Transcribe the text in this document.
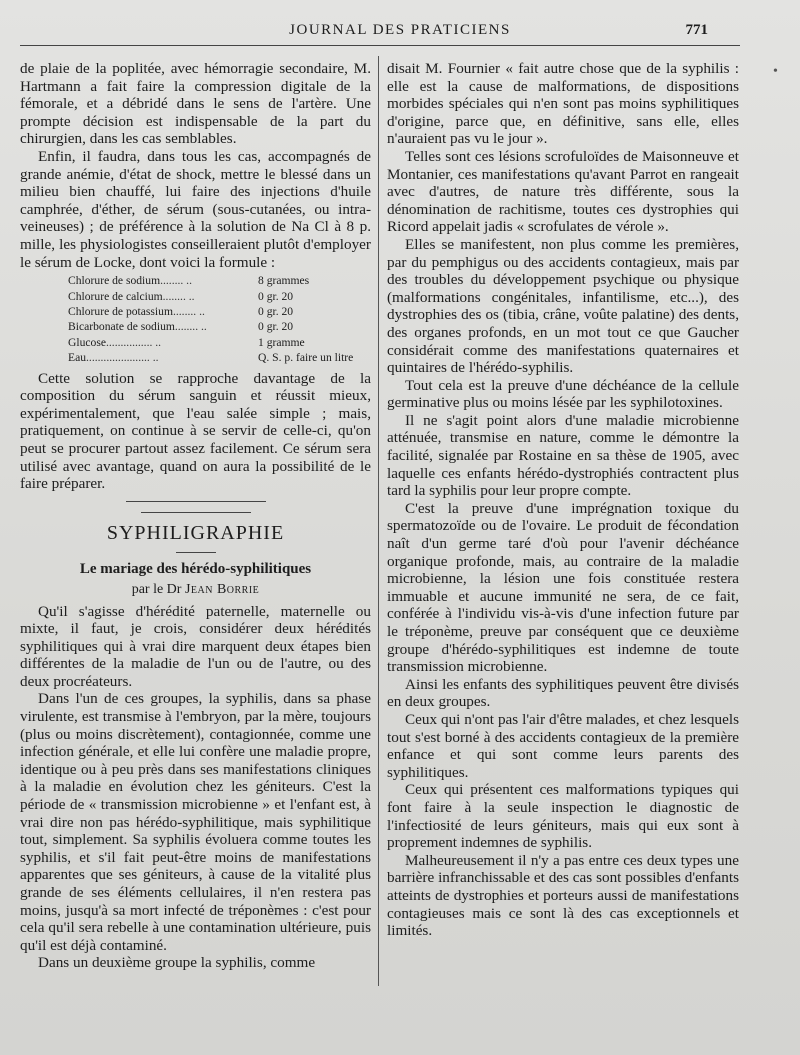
JOURNAL DES PRATICIENS	771

de plaie de la poplitée, avec hémorragie secondaire, M. Hartmann a fait faire la compression digitale de la fémorale, et a débridé dans le sens de l'artère. Une prompte décision est indispensable de la part du chirurgien, dans les cas semblables.

Enfin, il faudra, dans tous les cas, accompagnés de grande anémie, d'état de shock, mettre le blessé dans un milieu bien chauffé, lui faire des injections d'huile camphrée, d'éther, de sérum (sous-cutanées, ou intra-veineuses) ; de préférence à la solution de Na Cl à 8 p. mille, les physiologistes conseilleraient plutôt d'employer le sérum de Locke, dont voici la formule :

Chlorure de sodium........ ..	8 grammes
Chlorure de calcium........ ..	0 gr. 20
Chlorure de potassium........ ..	0 gr. 20
Bicarbonate de sodium........ ..	0 gr. 20
Glucose................ ..	1 gramme
Eau...................... ..	Q. S. p. faire un litre

Cette solution se rapproche davantage de la composition du sérum sanguin et réussit mieux, expérimentalement, que l'eau salée simple ; mais, pratiquement, on continue à se servir de celle-ci, qu'on peut se procurer partout assez facilement. Ce sérum sera utilisé avec avantage, quand on aura la possibilité de le faire préparer.

SYPHILIGRAPHIE
Le mariage des hérédo-syphilitiques
par le Dr Jean Borrie

Qu'il s'agisse d'hérédité paternelle, maternelle ou mixte, il faut, je crois, considérer deux hérédités syphilitiques qui à vrai dire marquent deux étapes bien différentes de la maladie de l'un ou de l'autre, ou des deux procréateurs.

Dans l'un de ces groupes, la syphilis, dans sa phase virulente, est transmise à l'embryon, par la mère, toujours (plus ou moins discrètement), contagionnée, comme une infection générale, et elle lui confère une maladie propre, identique ou à peu près dans ses manifestations cliniques à la maladie en évolution chez les géniteurs. C'est la période de « transmission microbienne » et l'enfant est, à vrai dire non pas hérédo-syphilitique, mais syphilitique tout, simplement. Sa syphilis évoluera comme toutes les syphilis, et s'il fait peut-être moins de manifestations apparentes que ses géniteurs, à cause de la vitalité plus grande de ses éléments cellulaires, il n'en restera pas moins, jusqu'à sa mort infecté de tréponèmes : c'est pour cela qu'il sera rebelle à une contamination ultérieure, puis qu'il est déjà contaminé.

Dans un deuxième groupe la syphilis, comme

disait M. Fournier « fait autre chose que de la syphilis : elle est la cause de malformations, de dispositions morbides spéciales qui n'en sont pas moins syphilitiques d'origine, parce que, en définitive, sans elle, elles n'auraient pas vu le jour ».

Telles sont ces lésions scrofuloïdes de Maisonneuve et Montanier, ces manifestations qu'avant Parrot en rangeait avec d'autres, de nature très différente, sous la dénomination de rachitisme, toutes ces dystrophies qui Ricord appelait jadis « scrofulates de vérole ».

Elles se manifestent, non plus comme les premières, par du pemphigus ou des accidents contagieux, mais par des troubles du développement psychique ou physique (malformations congénitales, infantilisme, etc...), des dystrophies des os (tibia, crâne, voûte palatine) des dents, des organes profonds, en un mot tout ce que Gaucher considérait comme des manifestations quaternaires et quintaires de l'hérédo-syphilis.

Tout cela est la preuve d'une déchéance de la cellule germinative plus ou moins lésée par les syphilotoxines.

Il ne s'agit point alors d'une maladie microbienne atténuée, transmise en nature, comme le démontre la facilité, signalée par Rostaine en sa thèse de 1905, avec laquelle ces enfants hérédo-dystrophiés contractent plus tard la syphilis pour leur propre compte.

C'est la preuve d'une imprégnation toxique du spermatozoïde ou de l'ovaire. Le produit de fécondation naît d'un germe taré d'où pour l'avenir déchéance organique profonde, mais, au contraire de la maladie microbienne, la lésion une fois constituée restera immuable et aucune immunité ne sera, de ce fait, conférée à l'individu vis-à-vis d'une infection future par le tréponème, preuve par conséquent que ce deuxième groupe d'hérédo-syphilitiques est indemne de toute transmission microbienne.

Ainsi les enfants des syphilitiques peuvent être divisés en deux groupes.

Ceux qui n'ont pas l'air d'être malades, et chez lesquels tout s'est borné à des accidents contagieux de la première enfance et qui sont comme leurs parents des syphilitiques.

Ceux qui présentent ces malformations typiques qui font faire à la seule inspection le diagnostic de l'infectiosité de leurs géniteurs, mais qui eux sont à proprement indemnes de syphilis.

Malheureusement il n'y a pas entre ces deux types une barrière infranchissable et des cas sont possibles d'enfants atteints de dystrophies et porteurs aussi de manifestations contagieuses mais ce sont là des cas exceptionnels et limités.

•
